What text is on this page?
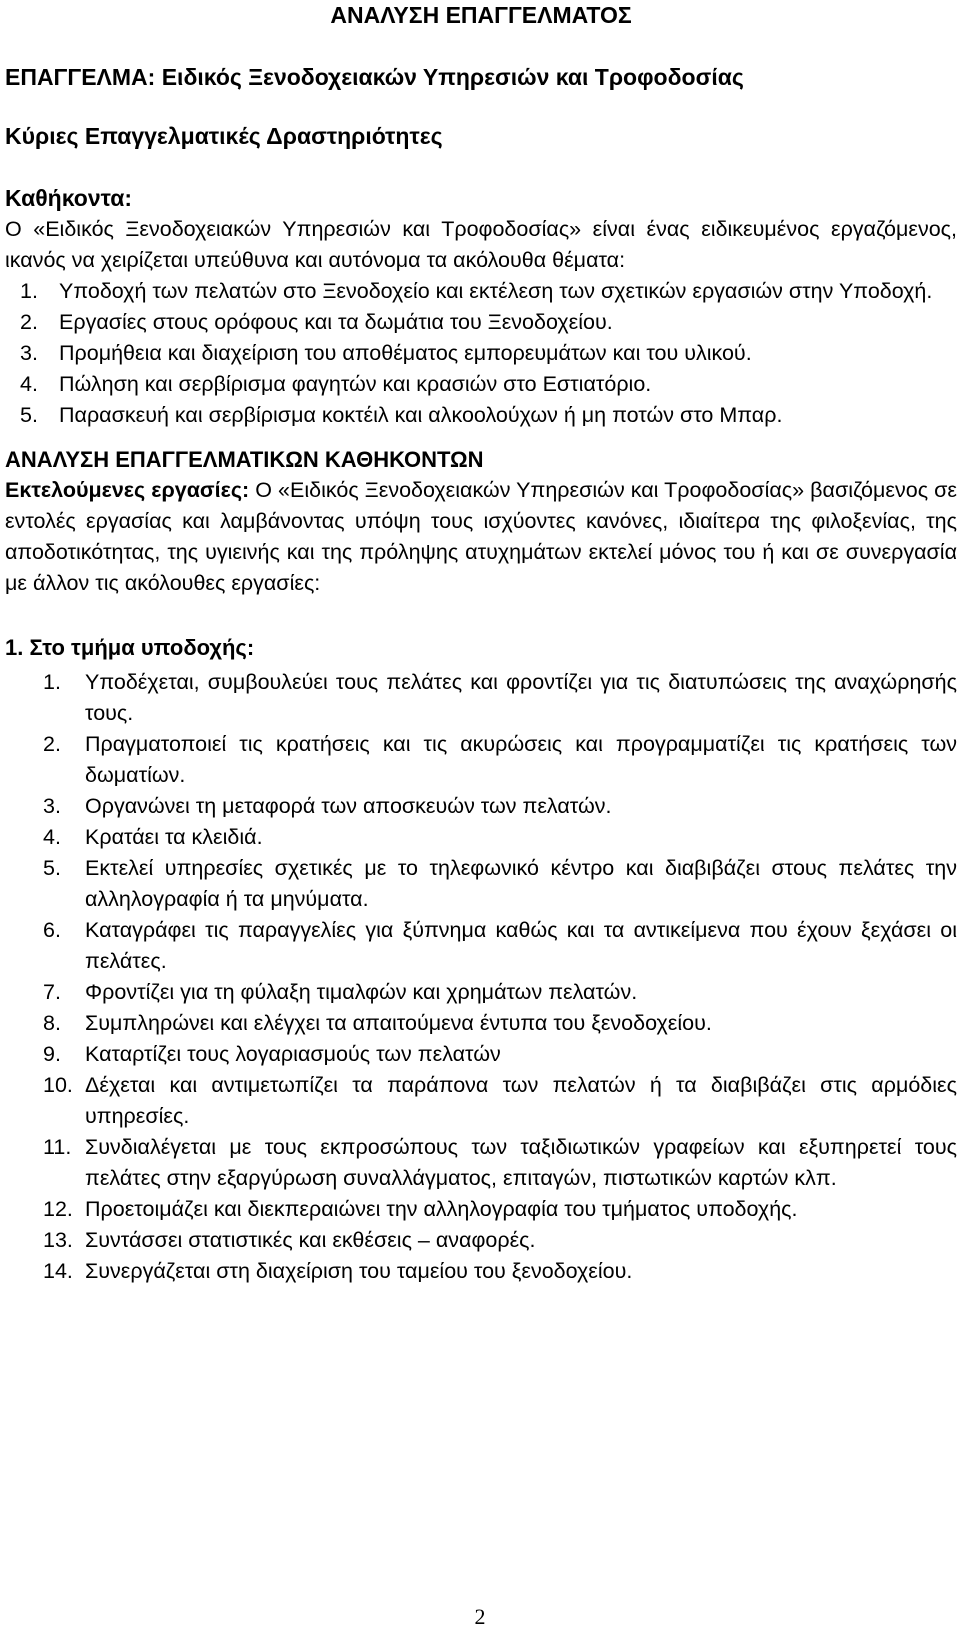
ΑΝΑΛΥΣΗ ΕΠΑΓΓΕΛΜΑΤΟΣ

ΕΠΑΓΓΕΛΜΑ: Ειδικός Ξενοδοχειακών Υπηρεσιών και Τροφοδοσίας

Κύριες Επαγγελματικές Δραστηριότητες

Καθήκοντα:

Ο «Ειδικός Ξενοδοχειακών Υπηρεσιών και Τροφοδοσίας» είναι ένας ειδικευμένος εργαζόμενος, ικανός να χειρίζεται υπεύθυνα και αυτόνομα τα ακόλουθα θέματα:

1. Υποδοχή των πελατών στο Ξενοδοχείο και εκτέλεση των σχετικών εργασιών στην Υποδοχή.
2. Εργασίες στους ορόφους και τα δωμάτια του Ξενοδοχείου.
3. Προμήθεια και διαχείριση του αποθέματος εμπορευμάτων και του υλικού.
4. Πώληση και σερβίρισμα φαγητών και κρασιών στο Εστιατόριο.
5. Παρασκευή και σερβίρισμα κοκτέιλ και αλκοολούχων ή μη ποτών στο Μπαρ.

ΑΝΑΛΥΣΗ ΕΠΑΓΓΕΛΜΑΤΙΚΩΝ ΚΑΘΗΚΟΝΤΩΝ

Εκτελούμενες εργασίες: Ο «Ειδικός Ξενοδοχειακών Υπηρεσιών και Τροφοδοσίας» βασιζόμενος σε εντολές εργασίας και λαμβάνοντας υπόψη τους ισχύοντες κανόνες, ιδιαίτερα της φιλοξενίας, της αποδοτικότητας, της υγιεινής και της πρόληψης ατυχημάτων εκτελεί μόνος του ή και σε συνεργασία με άλλον τις ακόλουθες εργασίες:

1. Στο τμήμα υποδοχής:

1.	Υποδέχεται, συμβουλεύει τους πελάτες και φροντίζει για τις διατυπώσεις της αναχώρησής τους.
2.	Πραγματοποιεί τις κρατήσεις και τις ακυρώσεις και προγραμματίζει τις κρατήσεις των δωματίων.
3.	Οργανώνει τη μεταφορά των αποσκευών των πελατών.
4.	Κρατάει τα κλειδιά.
5.	Εκτελεί υπηρεσίες σχετικές με το τηλεφωνικό κέντρο και διαβιβάζει στους πελάτες την αλληλογραφία ή τα μηνύματα.
6.	Καταγράφει τις παραγγελίες για ξύπνημα καθώς και τα αντικείμενα που έχουν ξεχάσει οι πελάτες.
7.	Φροντίζει για τη φύλαξη τιμαλφών και χρημάτων πελατών.
8.	Συμπληρώνει και ελέγχει τα απαιτούμενα έντυπα του ξενοδοχείου.
9.	Καταρτίζει τους λογαριασμούς των πελατών
10. Δέχεται και αντιμετωπίζει τα παράπονα των πελατών ή τα διαβιβάζει στις αρμόδιες υπηρεσίες.
11. Συνδιαλέγεται με τους εκπροσώπους των ταξιδιωτικών γραφείων και εξυπηρετεί τους πελάτες στην εξαργύρωση συναλλάγματος, επιταγών, πιστωτικών καρτών κλπ.
12. Προετοιμάζει και διεκπεραιώνει την αλληλογραφία του τμήματος υποδοχής.
13. Συντάσσει στατιστικές και εκθέσεις – αναφορές.
14. Συνεργάζεται στη διαχείριση του ταμείου του ξενοδοχείου.
2
